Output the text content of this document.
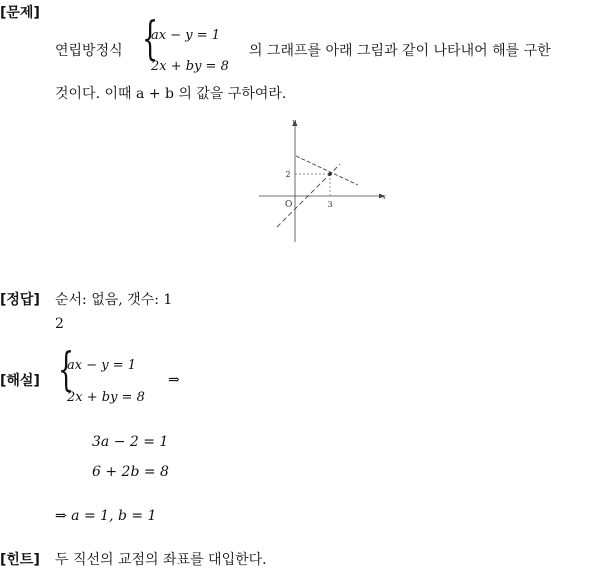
[문제]
연립방정식 {
ax − y = 1
2x + by = 8
의 그래프를 아래 그림과 같이 나타내어 해를 구한
것이다. 이때 a + b 의 값을 구하여라.
y
x
O	3
2
[정답] 순서: 없음, 갯수: 1
2
[해설] {
ax − y = 1
2x + by = 8
⇒
3a − 2 = 1
6 + 2b = 8
⇒ a = 1, b = 1
[힌트] 두 직선의 교점의 좌표를 대입한다.
